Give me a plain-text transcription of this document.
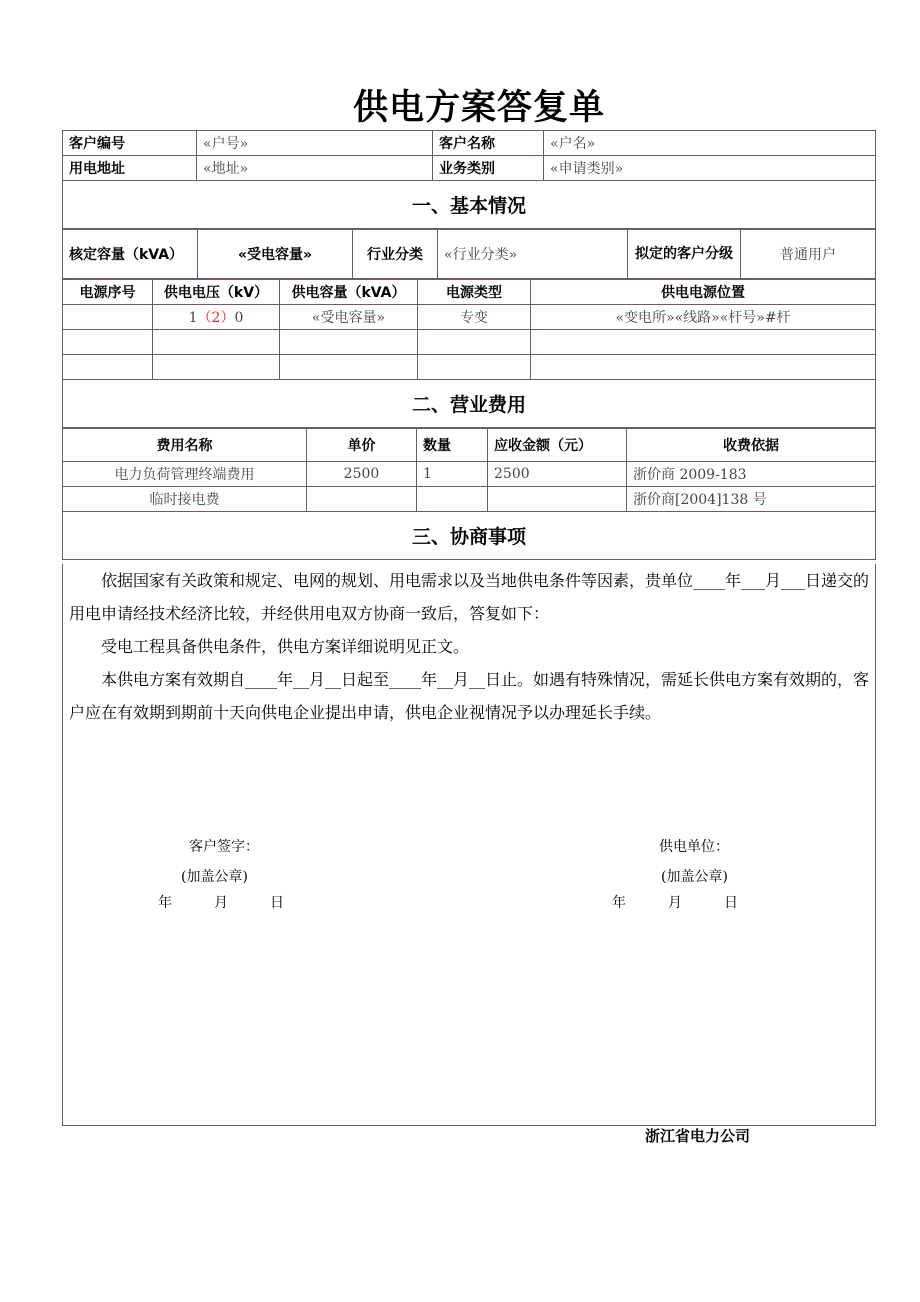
供电方案答复单
客户编号	«户号»	客户名称	«户名»
用电地址	«地址»	业务类别	«申请类别»
一、基本情况			
核定容量（kVA）	«受电容量»	行业分类	«行业分类»	拟定的客户分级	普通用户
电源序号	供电电压（kV）	供电容量（kVA）	电源类型	供电电源位置
	1（2）0	«受电容量»	专变	«变电所»«线路»«杆号»#杆

二、营业费用				
费用名称	单价	数量	应收金额（元）	收费依据
电力负荷管理终端费用	2500	1	2500	浙价商 2009-183
临时接电费				浙价商[2004]138 号
三、协商事项				

依据国家有关政策和规定、电网的规划、用电需求以及当地供电条件等因素，贵单位____年___月___日递交的用电申请经技术经济比较，并经供用电双方协商一致后，答复如下：

受电工程具备供电条件，供电方案详细说明见正文。

本供电方案有效期自____年__月__日起至____年__月__日止。如遇有特殊情况，需延长供电方案有效期的，客户应在有效期到期前十天向供电企业提出申请，供电企业视情况予以办理延长手续。

客户签字：
(加盖公章)
年　　　月　　　日
供电单位：
(加盖公章)
年　　　月　　　日
浙江省电力公司
